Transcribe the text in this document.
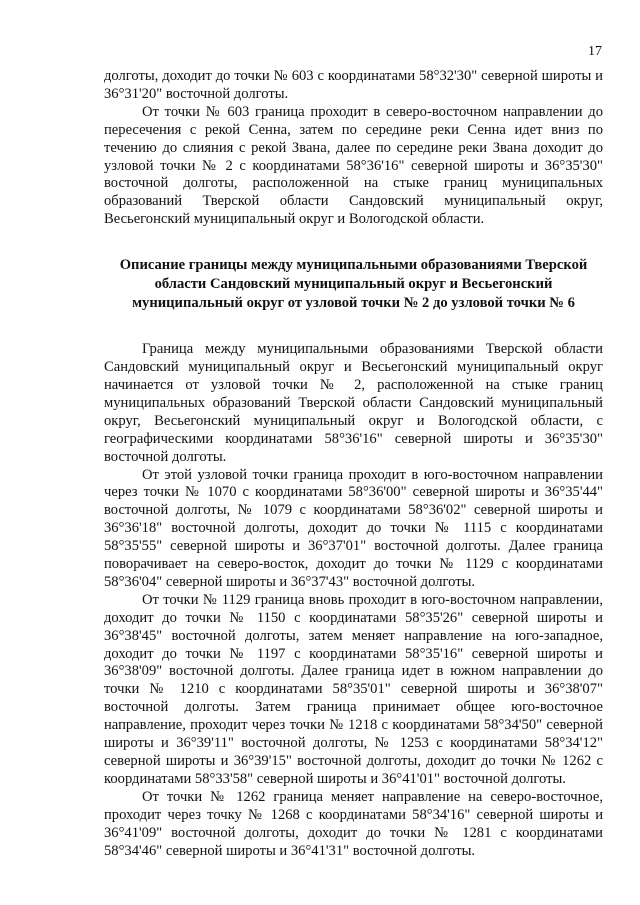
17

долготы, доходит до точки № 603 с координатами 58°32'30" северной широты и 36°31'20" восточной долготы.

От точки № 603 граница проходит в северо-восточном направлении до пересечения с рекой Сенна, затем по середине реки Сенна идет вниз по течению до слияния с рекой Звана, далее по середине реки Звана доходит до узловой точки № 2 с координатами 58°36'16" северной широты и 36°35'30" восточной долготы, расположенной на стыке границ муниципальных образований Тверской области Сандовский муниципальный округ, Весьегонский муниципальный округ и Вологодской области.

Описание границы между муниципальными образованиями Тверской области Сандовский муниципальный округ и Весьегонский муниципальный округ от узловой точки № 2 до узловой точки № 6

Граница между муниципальными образованиями Тверской области Сандовский муниципальный округ и Весьегонский муниципальный округ начинается от узловой точки № 2, расположенной на стыке границ муниципальных образований Тверской области Сандовский муниципальный округ, Весьегонский муниципальный округ и Вологодской области, с географическими координатами 58°36'16" северной широты и 36°35'30" восточной долготы.

От этой узловой точки граница проходит в юго-восточном направлении через точки № 1070 с координатами 58°36'00" северной широты и 36°35'44" восточной долготы, № 1079 с координатами 58°36'02" северной широты и 36°36'18" восточной долготы, доходит до точки № 1115 с координатами 58°35'55" северной широты и 36°37'01" восточной долготы. Далее граница поворачивает на северо-восток, доходит до точки № 1129 с координатами 58°36'04" северной широты и 36°37'43" восточной долготы.

От точки № 1129 граница вновь проходит в юго-восточном направлении, доходит до точки № 1150 с координатами 58°35'26" северной широты и 36°38'45" восточной долготы, затем меняет направление на юго-западное, доходит до точки № 1197 с координатами 58°35'16" северной широты и 36°38'09" восточной долготы. Далее граница идет в южном направлении до точки № 1210 с координатами 58°35'01" северной широты и 36°38'07" восточной долготы. Затем граница принимает общее юго-восточное направление, проходит через точки № 1218 с координатами 58°34'50" северной широты и 36°39'11" восточной долготы, № 1253 с координатами 58°34'12" северной широты и 36°39'15" восточной долготы, доходит до точки № 1262 с координатами 58°33'58" северной широты и 36°41'01" восточной долготы.

От точки № 1262 граница меняет направление на северо-восточное, проходит через точку № 1268 с координатами 58°34'16" северной широты и 36°41'09" восточной долготы, доходит до точки № 1281 с координатами 58°34'46" северной широты и 36°41'31" восточной долготы.
